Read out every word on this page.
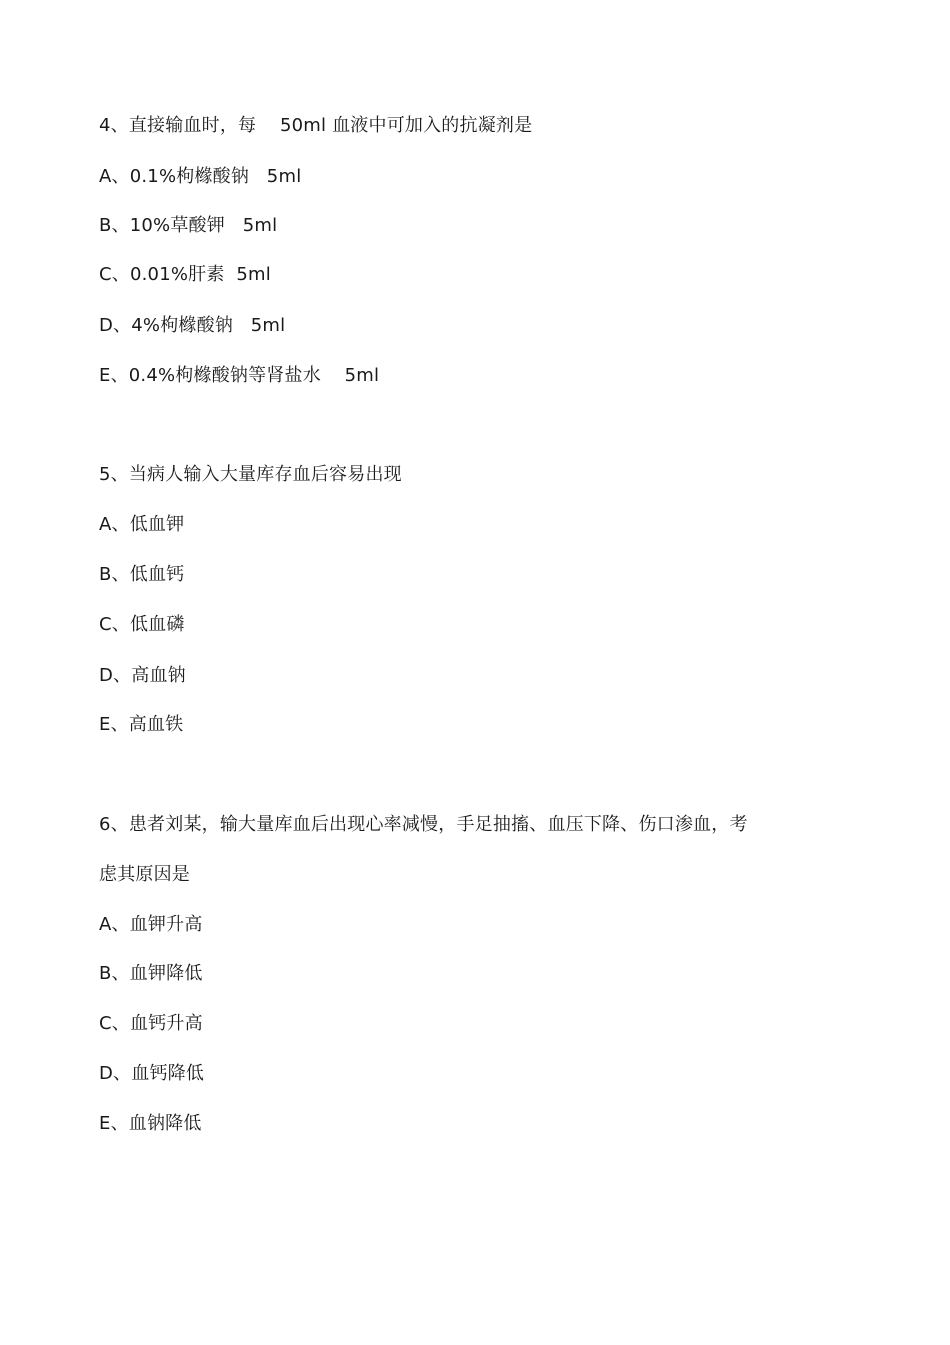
4、直接输血时，每    50ml 血液中可加入的抗凝剂是
A、0.1%枸橼酸钠   5ml
B、10%草酸钾   5ml
C、0.01%肝素  5ml
D、4%枸橼酸钠   5ml
E、0.4%枸橼酸钠等肾盐水    5ml
5、当病人输入大量库存血后容易出现
A、低血钾
B、低血钙
C、低血磷
D、高血钠
E、高血铁
6、患者刘某，输大量库血后出现心率减慢，手足抽搐、血压下降、伤口渗血，考
虑其原因是
A、血钾升高
B、血钾降低
C、血钙升高
D、血钙降低
E、血钠降低
